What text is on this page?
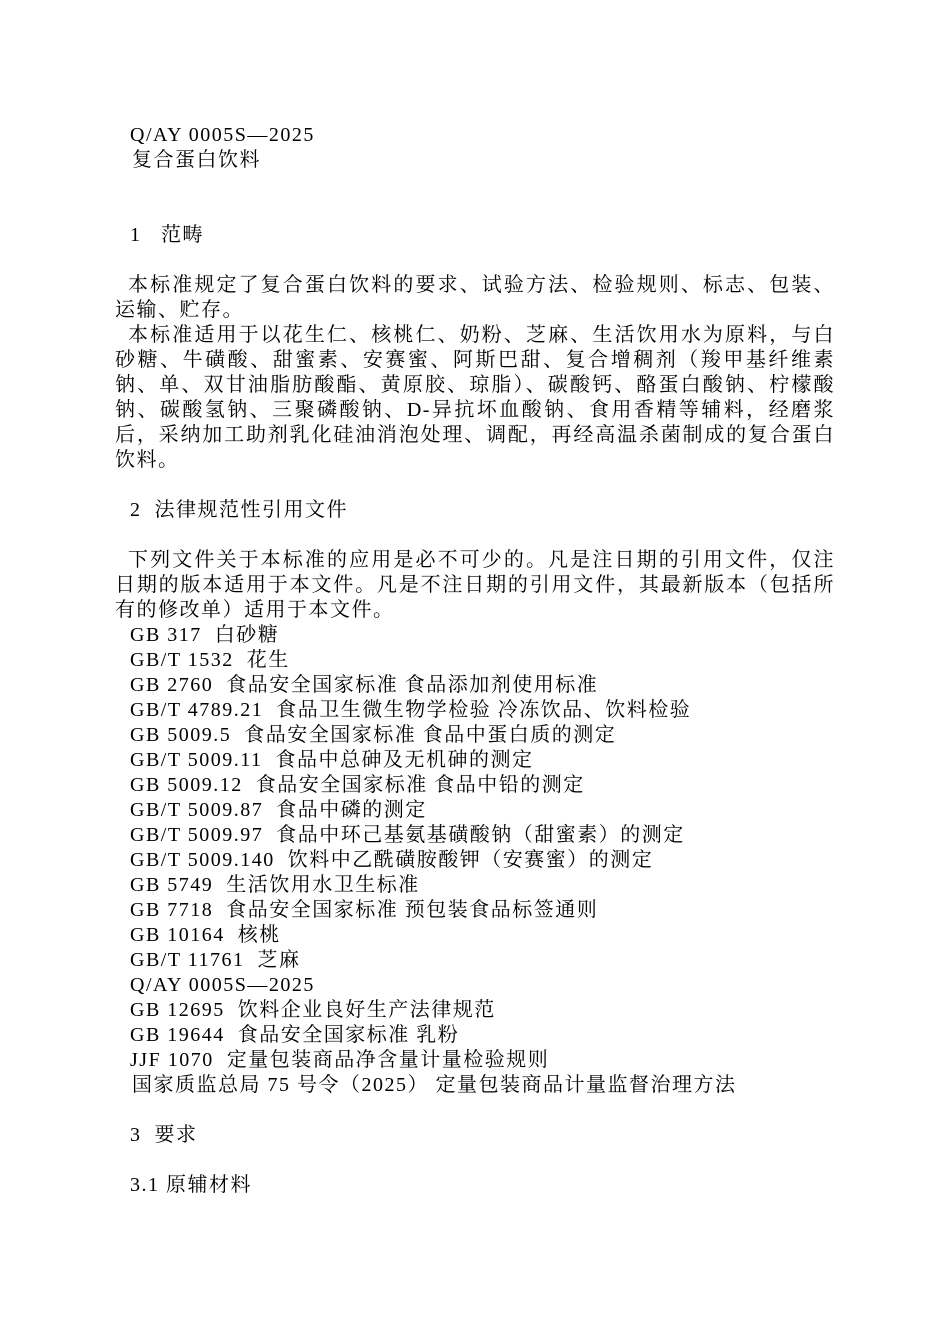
Q/AY 0005S—2025
复合蛋白饮料
1   范畴

本标准规定了复合蛋白饮料的要求、试验方法、检验规则、标志、包装、运输、贮存。

本标准适用于以花生仁、核桃仁、奶粉、芝麻、生活饮用水为原料，与白砂糖、牛磺酸、甜蜜素、安赛蜜、阿斯巴甜、复合增稠剂（羧甲基纤维素钠、单、双甘油脂肪酸酯、黄原胶、琼脂）、碳酸钙、酪蛋白酸钠、柠檬酸钠、碳酸氢钠、三聚磷酸钠、D-异抗坏血酸钠、食用香精等辅料，经磨浆后，采纳加工助剂乳化硅油消泡处理、调配，再经高温杀菌制成的复合蛋白饮料。

2  法律规范性引用文件

下列文件关于本标准的应用是必不可少的。凡是注日期的引用文件，仅注日期的版本适用于本文件。凡是不注日期的引用文件，其最新版本（包括所有的修改单）适用于本文件。

GB 317  白砂糖
GB/T 1532  花生
GB 2760  食品安全国家标准 食品添加剂使用标准
GB/T 4789.21  食品卫生微生物学检验 冷冻饮品、饮料检验
GB 5009.5  食品安全国家标准 食品中蛋白质的测定
GB/T 5009.11  食品中总砷及无机砷的测定
GB 5009.12  食品安全国家标准 食品中铅的测定
GB/T 5009.87  食品中磷的测定
GB/T 5009.97  食品中环己基氨基磺酸钠（甜蜜素）的测定
GB/T 5009.140  饮料中乙酰磺胺酸钾（安赛蜜）的测定
GB 5749  生活饮用水卫生标准
GB 7718  食品安全国家标准 预包装食品标签通则
GB 10164  核桃
GB/T 11761  芝麻
Q/AY 0005S—2025
GB 12695  饮料企业良好生产法律规范
GB 19644  食品安全国家标准 乳粉
JJF 1070  定量包装商品净含量计量检验规则
国家质监总局 75 号令（2025） 定量包装商品计量监督治理方法
3  要求
3.1 原辅材料
